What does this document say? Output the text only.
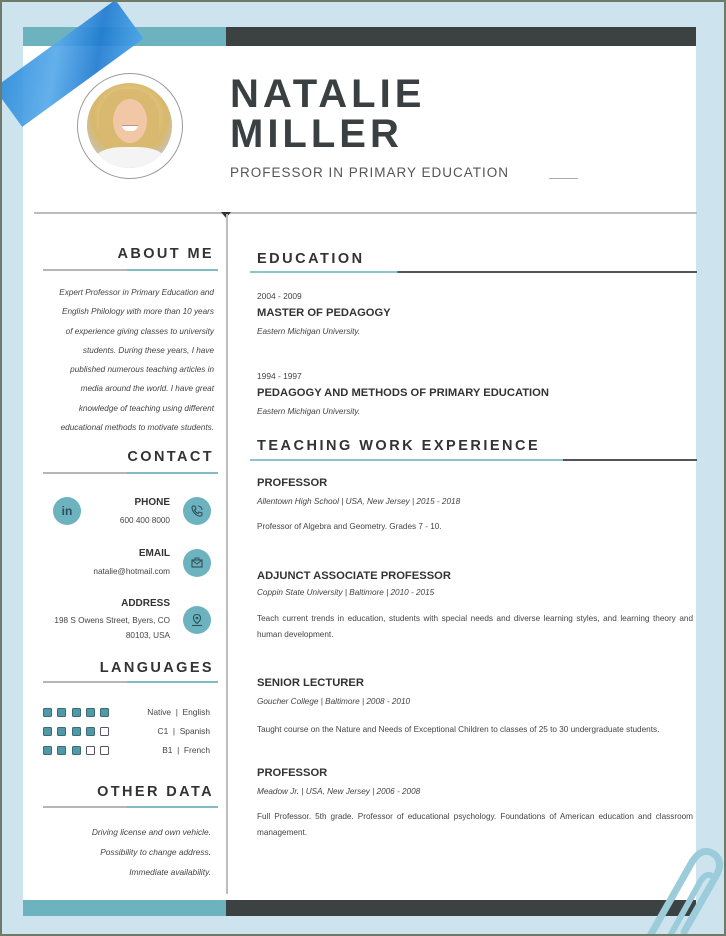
NATALIE
MILLER
PROFESSOR IN PRIMARY EDUCATION
ABOUT ME
Expert Professor in Primary Education and
English Philology with more than 10 years
of experience giving classes to university
students. During these years, I have
published numerous teaching articles in
media around the world. I have great
knowledge of teaching using different
educational methods to motivate students.
CONTACT
in
PHONE
600 400 8000
EMAIL
natalie@hotmail.com
ADDRESS
198 S Owens Street, Byers, CO
80103, USA
LANGUAGES
Native  |  English
C1  |  Spanish
B1  |  French
OTHER DATA
Driving license and own vehicle.
Possibility to change address.
Immediate availability.
EDUCATION
2004 - 2009
MASTER OF PEDAGOGY
Eastern Michigan University.
1994 - 1997
PEDAGOGY AND METHODS OF PRIMARY EDUCATION
Eastern Michigan University.
TEACHING WORK EXPERIENCE
PROFESSOR
Allentown High School | USA, New Jersey | 2015 - 2018
Professor of Algebra and Geometry. Grades 7 - 10.
ADJUNCT ASSOCIATE PROFESSOR
Coppin State University | Baltimore | 2010 - 2015
Teach current trends in education, students with special needs and diverse learning styles, and learning theory and human development.
SENIOR LECTURER
Goucher College | Baltimore | 2008 - 2010
Taught course on the Nature and Needs of Exceptional Children to classes of 25 to 30 undergraduate students.
PROFESSOR
Meadow Jr. | USA, New Jersey | 2006 - 2008
Full Professor. 5th grade. Professor of educational psychology. Foundations of American education and classroom management.
